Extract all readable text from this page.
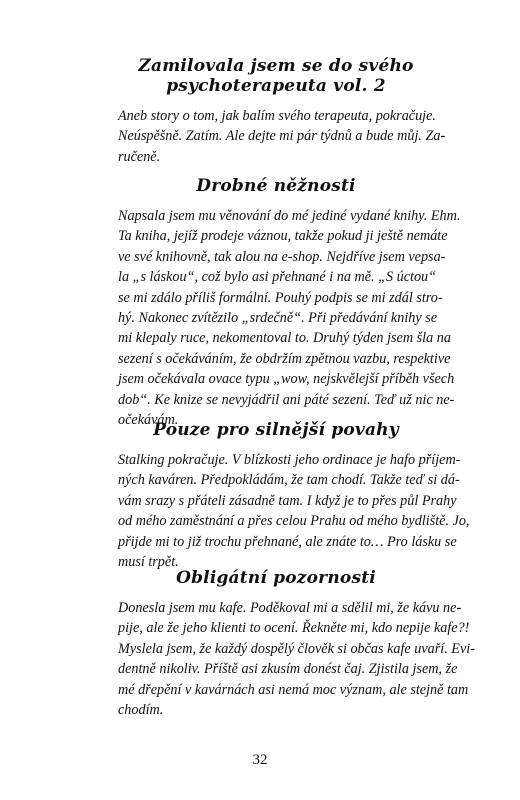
Zamilovala jsem se do svého
psychoterapeuta vol. 2

Aneb story o tom, jak balím svého terapeuta, pokračuje.
Neúspěšně. Zatím. Ale dejte mi pár týdnů a bude můj. Za-
ručeně.

Drobné něžnosti

Napsala jsem mu věnování do mé jediné vydané knihy. Ehm.
Ta kniha, jejíž prodeje váznou, takže pokud ji ještě nemáte
ve své knihovně, tak alou na e-shop. Nejdříve jsem vepsa-
la „s láskou“, což bylo asi přehnané i na mě. „S úctou“
se mi zdálo příliš formální. Pouhý podpis se mi zdál stro-
hý. Nakonec zvítězilo „srdečně“. Při předávání knihy se
mi klepaly ruce, nekomentoval to. Druhý týden jsem šla na
sezení s očekáváním, že obdržím zpětnou vazbu, respektive
jsem očekávala ovace typu „wow, nejskvělejší příběh všech
dob“. Ke knize se nevyjádřil ani páté sezení. Teď už nic ne-
očekávám.

Pouze pro silnější povahy

Stalking pokračuje. V blízkosti jeho ordinace je hafo příjem-
ných kaváren. Předpokládám, že tam chodí. Takže teď si dá-
vám srazy s přáteli zásadně tam. I když je to přes půl Prahy
od mého zaměstnání a přes celou Prahu od mého bydliště. Jo,
přijde mi to již trochu přehnané, ale znáte to… Pro lásku se
musí trpět.

Obligátní pozornosti

Donesla jsem mu kafe. Poděkoval mi a sdělil mi, že kávu ne-
pije, ale že jeho klienti to ocení. Řekněte mi, kdo nepije kafe?!
Myslela jsem, že každý dospělý člověk si občas kafe uvaří. Evi-
dentně nikoliv. Příště asi zkusím donést čaj. Zjistila jsem, že
mé dřepění v kavárnách asi nemá moc význam, ale stejně tam
chodím.

32
